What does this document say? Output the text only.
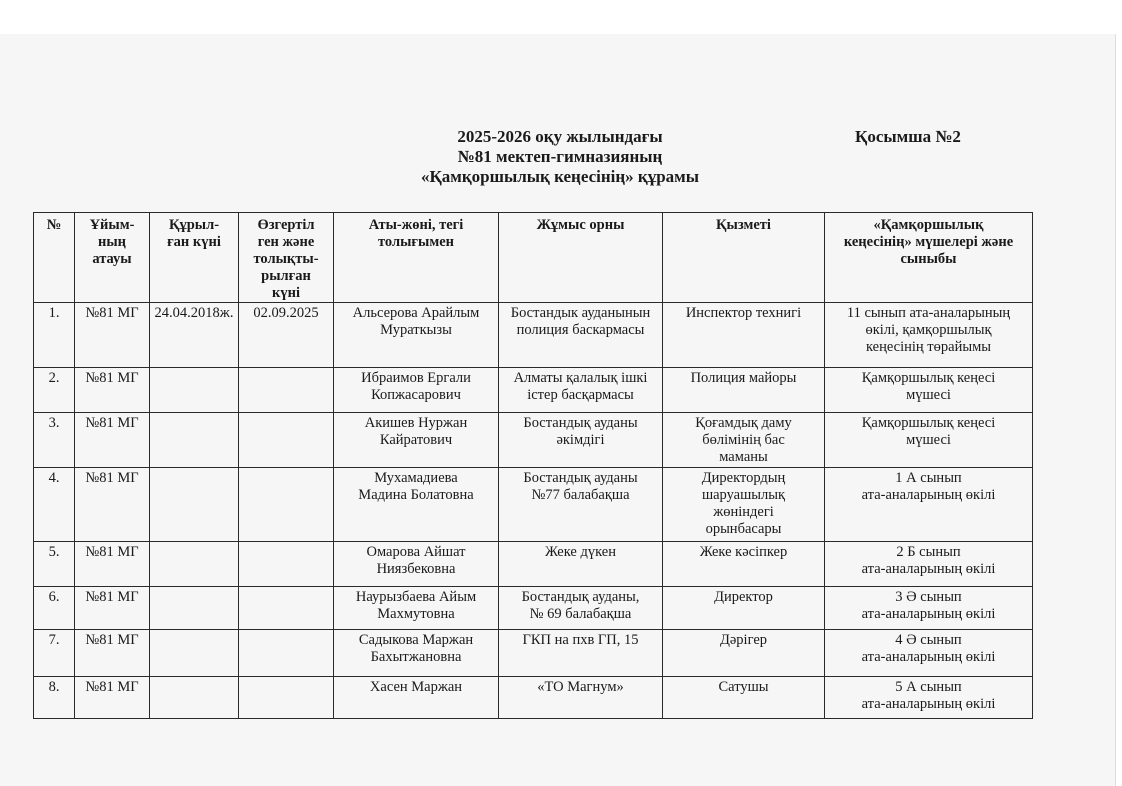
2025-2026 оқу жылындағы
№81 мектеп-гимназияның
«Қамқоршылық кеңесінің» құрамы
Қосымша №2
№	Ұйым-
ның
атауы	Құрыл-
ған күні	Өзгертіл
ген және
толықты-
рылған
күні	Аты-жөні, тегі
толығымен	Жұмыс орны	Қызметі	«Қамқоршылық
кеңесінің» мүшелері және
сыныбы

1.	№81 МГ	24.04.2018ж.	02.09.2025	Альсерова Арайлым
Мураткызы	Бостандык ауданынын
полиция баскармасы	Инспектор технигі	11 сынып ата-аналарының
өкілі, қамқоршылық
кеңесінің төрайымы

2.	№81 МГ			Ибраимов Ергали
Копжасарович	Алматы қалалық ішкі
істер басқармасы	Полиция майоры	Қамқоршылық кеңесі
мүшесі

3.	№81 МГ			Акишев Нуржан
Кайратович	Бостандық ауданы
әкімдігі	Қоғамдық даму
бөлімінің бас
маманы	Қамқоршылық кеңесі
мүшесі

4.	№81 МГ			Мухамадиева
Мадина Болатовна	Бостандық ауданы
№77 балабақша	Директордың
шаруашылық
жөніндегі
орынбасары	1 А сынып
ата-аналарының өкілі

5.	№81 МГ			Омарова Айшат
Ниязбековна	Жеке дүкен	Жеке кәсіпкер	2 Б сынып
ата-аналарының өкілі

6.	№81 МГ			Наурызбаева Айым
Махмутовна	Бостандық ауданы,
№ 69 балабақша	Директор	3 Ә сынып
ата-аналарының өкілі

7.	№81 МГ			Садыкова Маржан
Бахытжановна	ГКП на пхв ГП, 15	Дәрігер	4 Ә сынып
ата-аналарының өкілі

8.	№81 МГ			Хасен Маржан	«ТО Магнум»	Сатушы	5 А сынып
ата-аналарының өкілі
